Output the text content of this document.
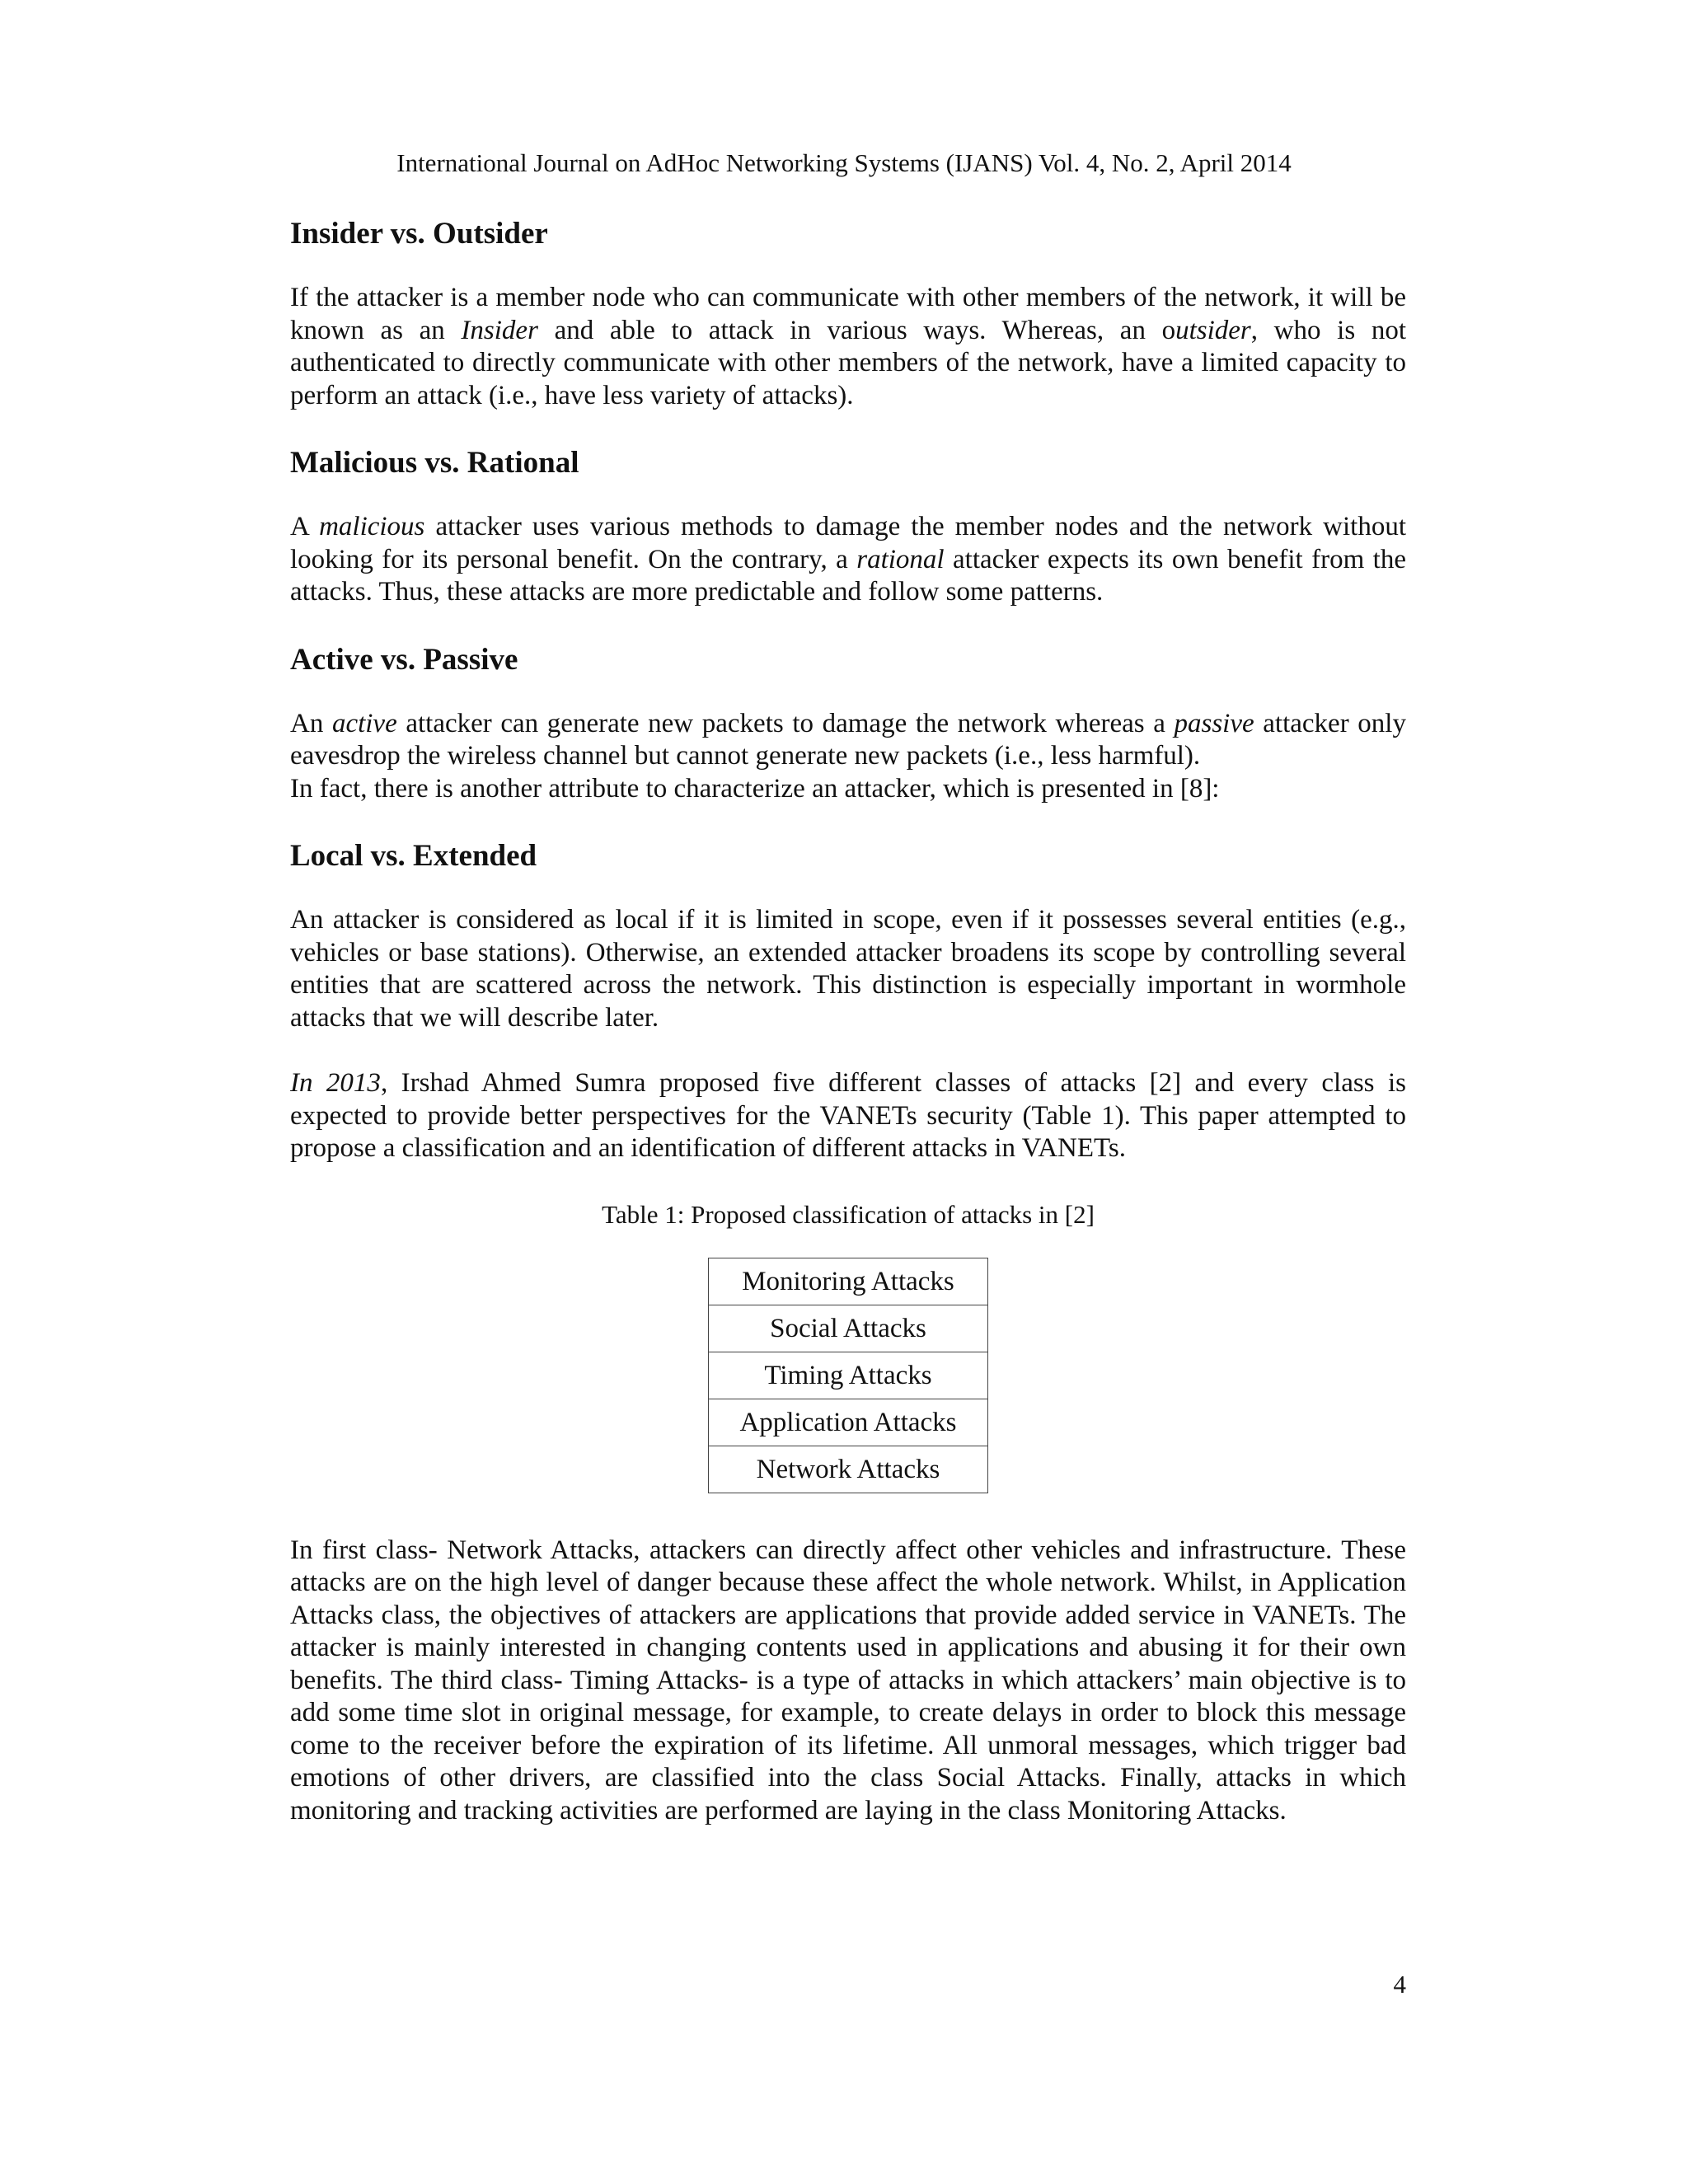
International Journal on AdHoc Networking Systems (IJANS) Vol. 4, No. 2, April 2014
Insider vs. Outsider

If the attacker is a member node who can communicate with other members of the network, it will be known as an Insider and able to attack in various ways. Whereas, an outsider, who is not authenticated to directly communicate with other members of the network, have a limited capacity to perform an attack (i.e., have less variety of attacks).

Malicious vs. Rational

A malicious attacker uses various methods to damage the member nodes and the network without looking for its personal benefit. On the contrary, a rational attacker expects its own benefit from the attacks. Thus, these attacks are more predictable and follow some patterns.

Active vs. Passive

An active attacker can generate new packets to damage the network whereas a passive attacker only eavesdrop the wireless channel but cannot generate new packets (i.e., less harmful).

In fact, there is another attribute to characterize an attacker, which is presented in [8]:

Local vs. Extended

An attacker is considered as local if it is limited in scope, even if it possesses several entities (e.g., vehicles or base stations). Otherwise, an extended attacker broadens its scope by controlling several entities that are scattered across the network. This distinction is especially important in wormhole attacks that we will describe later.

In 2013, Irshad Ahmed Sumra proposed five different classes of attacks [2] and every class is expected to provide better perspectives for the VANETs security (Table 1). This paper attempted to propose a classification and an identification of different attacks in VANETs.

Table 1: Proposed classification of attacks in [2]
Monitoring Attacks
Social Attacks
Timing Attacks
Application Attacks
Network Attacks

In first class- Network Attacks, attackers can directly affect other vehicles and infrastructure. These attacks are on the high level of danger because these affect the whole network. Whilst, in Application Attacks class, the objectives of attackers are applications that provide added service in VANETs. The attacker is mainly interested in changing contents used in applications and abusing it for their own benefits. The third class- Timing Attacks- is a type of attacks in which attackers’ main objective is to add some time slot in original message, for example, to create delays in order to block this message come to the receiver before the expiration of its lifetime. All unmoral messages, which trigger bad emotions of other drivers, are classified into the class Social Attacks. Finally, attacks in which monitoring and tracking activities are performed are laying in the class Monitoring Attacks.

4
